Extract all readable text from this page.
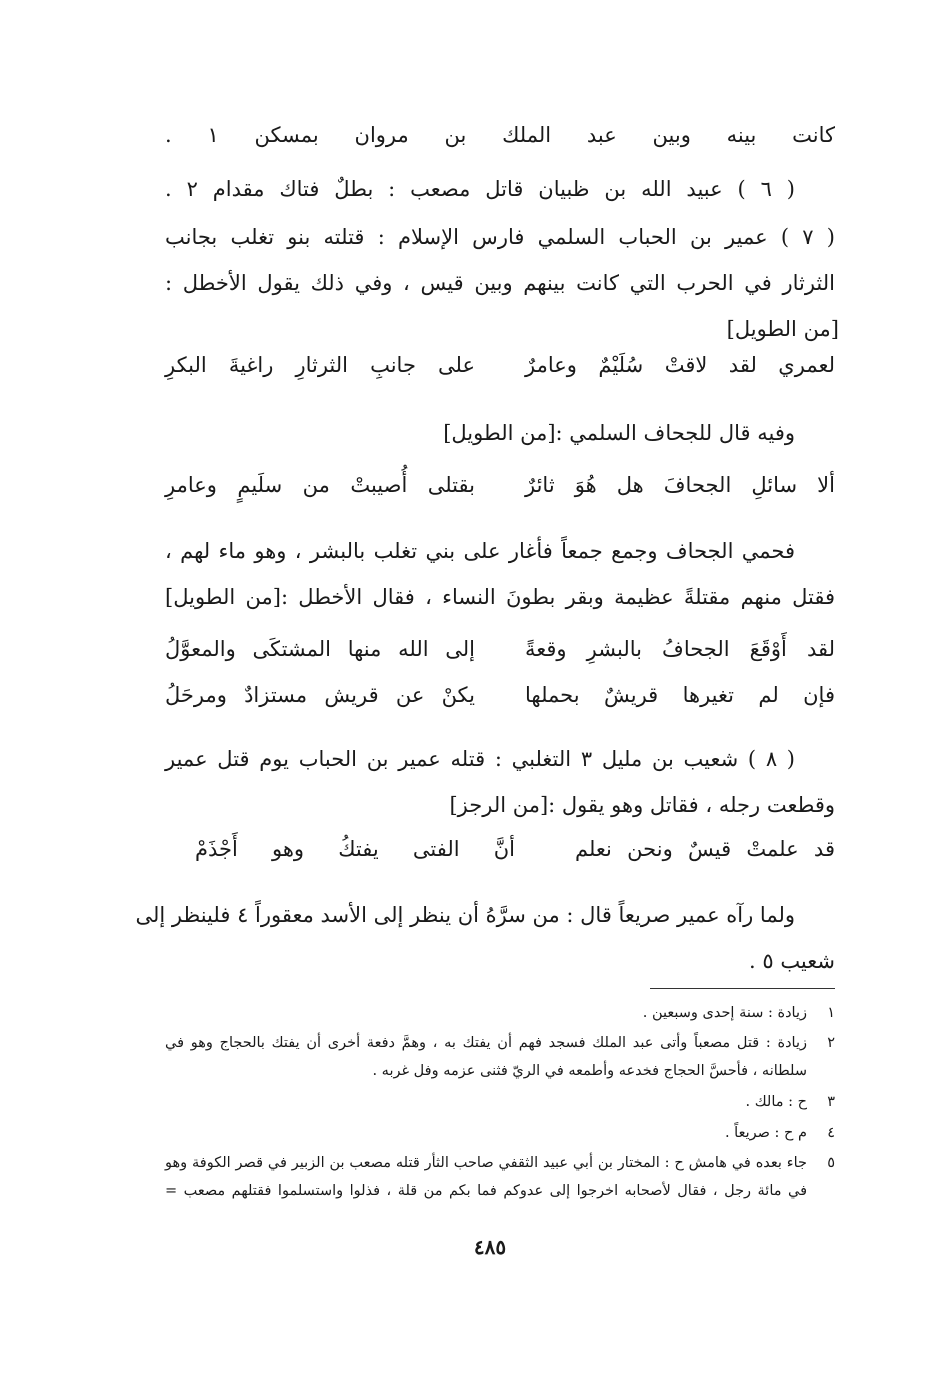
كانت بينه وبين عبد الملك بن مروان بمسكن ١ .
( ٦ ) عبيد الله بن ظبيان قاتل مصعب : بطلٌ فتاك مقدام ٢ .
( ٧ ) عمير بن الحباب السلمي فارس الإسلام : قتلته بنو تغلب بجانب
الثرثار في الحرب التي كانت بينهم وبين قيس ، وفي ذلك يقول الأخطل :
[من الطويل]
لعمري لقد لاقتْ سُلَيْمٌ وعامرٌ
على جانبِ الثرثارِ راغيةَ البكرِ
وفيه قال للجحاف السلمي :[من الطويل]
ألا سائلِ الجحافَ هل هُوَ ثائرٌ
بقتلى أُصيبتْ من سلَيمٍ وعامرِ
فحمي الجحاف وجمع جمعاً فأغار على بني تغلب بالبشر ، وهو ماء لهم ،
فقتل منهم مقتلةً عظيمة وبقر بطونَ النساء ، فقال الأخطل :[من الطويل]
لقد أَوْقَعَ الجحافُ بالبشرِ وقعةً
إلى الله منها المشتكَى والمعوَّلُ
فإن لم تغيرها قريشٌ بحملها
يكنْ عن قريش مستزادٌ ومرحَلُ
( ٨ ) شعيب بن مليل ٣ التغلبي : قتله عمير بن الحباب يوم قتل عمير
وقطعت رجله ، فقاتل وهو يقول :[من الرجز]
قد علمتْ قيسٌ ونحن نعلم
أنَّ الفتى يفتكُ وهو أَجْذَمْ
ولما رآه عمير صريعاً قال : من سرَّهُ أن ينظر إلى الأسد معقوراً ٤ فلينظر إلى
شعيب ٥ .
١
زيادة : سنة إحدى وسبعين .
٢
زيادة : قتل مصعباً وأتى عبد الملك فسجد فهم أن يفتك به ، وهمَّ دفعة أخرى أن يفتك بالحجاج وهو في
سلطانه ، فأحسَّ الحجاج فخدعه وأطمعه في الريّ فثنى عزمه وفل غربه .
٣
ح : مالك .
٤
م ح : صريعاً .
٥
جاء بعده في هامش ح : المختار بن أبي عبيد الثقفي صاحب الثأر قتله مصعب بن الزبير في قصر الكوفة وهو
في مائة رجل ، فقال لأصحابه اخرجوا إلى عدوكم فما بكم من قلة ، فذلوا واستسلموا فقتلهم مصعب =
٤٨٥
